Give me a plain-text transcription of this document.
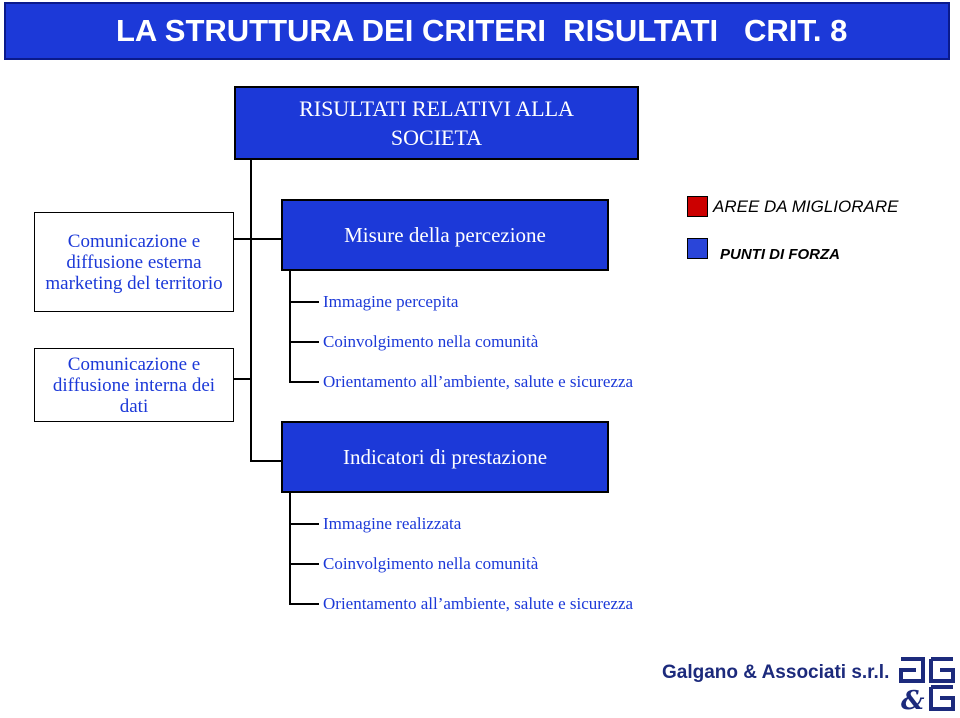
LA STRUTTURA DEI CRITERI  RISULTATI   CRIT. 8
RISULTATI RELATIVI ALLA SOCIETA
Comunicazione e diffusione esterna marketing del territorio
Comunicazione e diffusione interna dei dati
Misure della percezione
Immagine percepita
Coinvolgimento nella comunità
Orientamento all’ambiente, salute e sicurezza
Indicatori di prestazione
Immagine realizzata
Coinvolgimento nella comunità
Orientamento all’ambiente, salute e sicurezza
AREE DA MIGLIORARE
PUNTI DI FORZA
Galgano & Associati s.r.l.
&
